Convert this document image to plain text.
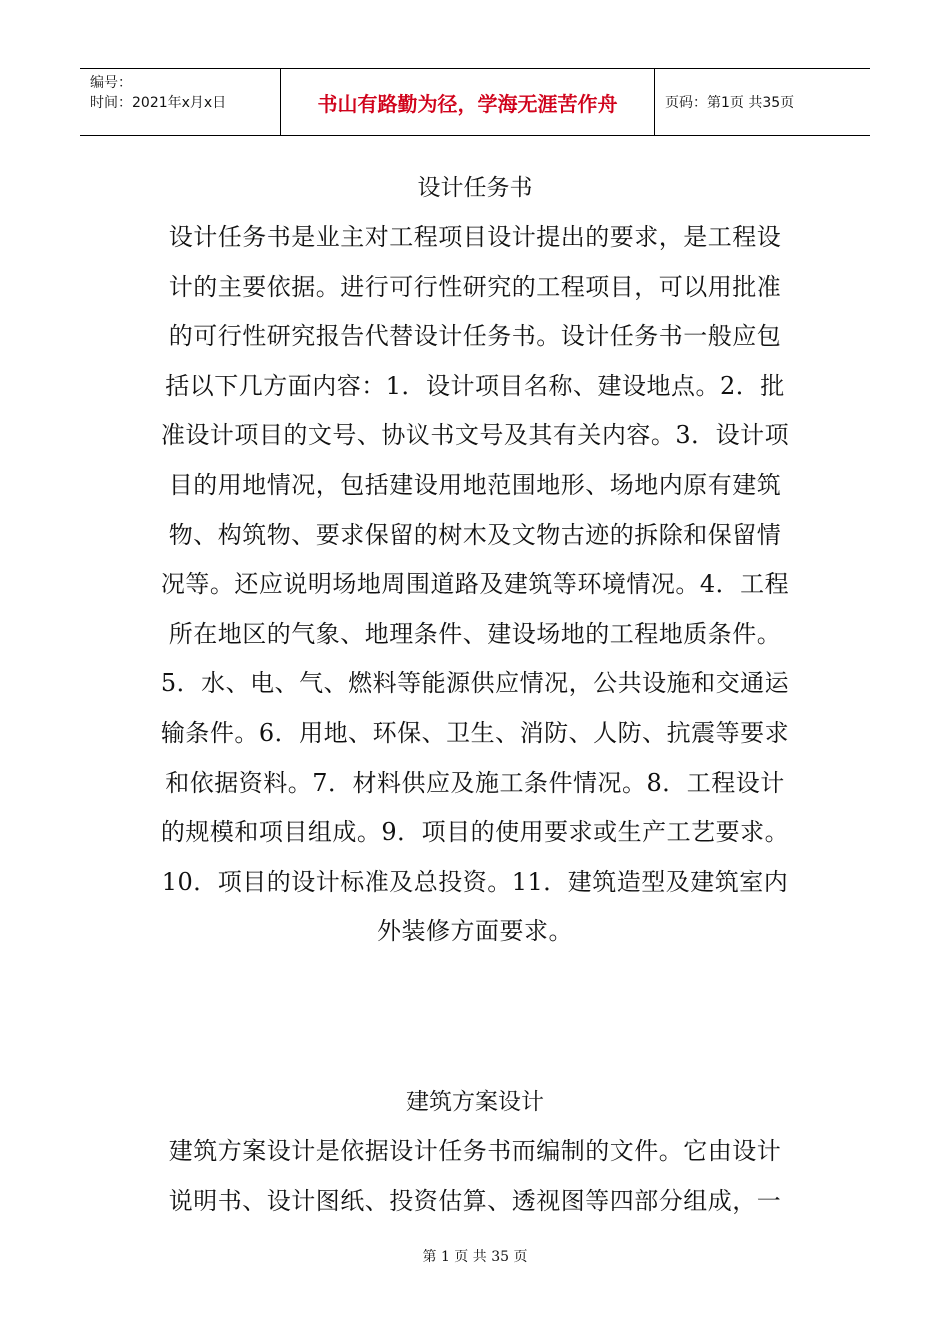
编号：
时间：2021年x月x日	书山有路勤为径，学海无涯苦作舟	页码：第1页 共35页
设计任务书
设计任务书是业主对工程项目设计提出的要求，是工程设
计的主要依据。进行可行性研究的工程项目，可以用批准
的可行性研究报告代替设计任务书。设计任务书一般应包
括以下几方面内容：1．设计项目名称、建设地点。2．批
准设计项目的文号、协议书文号及其有关内容。3．设计项
目的用地情况，包括建设用地范围地形、场地内原有建筑
物、构筑物、要求保留的树木及文物古迹的拆除和保留情
况等。还应说明场地周围道路及建筑等环境情况。4．工程
所在地区的气象、地理条件、建设场地的工程地质条件。
5．水、电、气、燃料等能源供应情况，公共设施和交通运
输条件。6．用地、环保、卫生、消防、人防、抗震等要求
和依据资料。7．材料供应及施工条件情况。8．工程设计
的规模和项目组成。9．项目的使用要求或生产工艺要求。
10．项目的设计标准及总投资。11．建筑造型及建筑室内
外装修方面要求。
建筑方案设计
建筑方案设计是依据设计任务书而编制的文件。它由设计
说明书、设计图纸、投资估算、透视图等四部分组成，一
第 1 页 共 35 页
